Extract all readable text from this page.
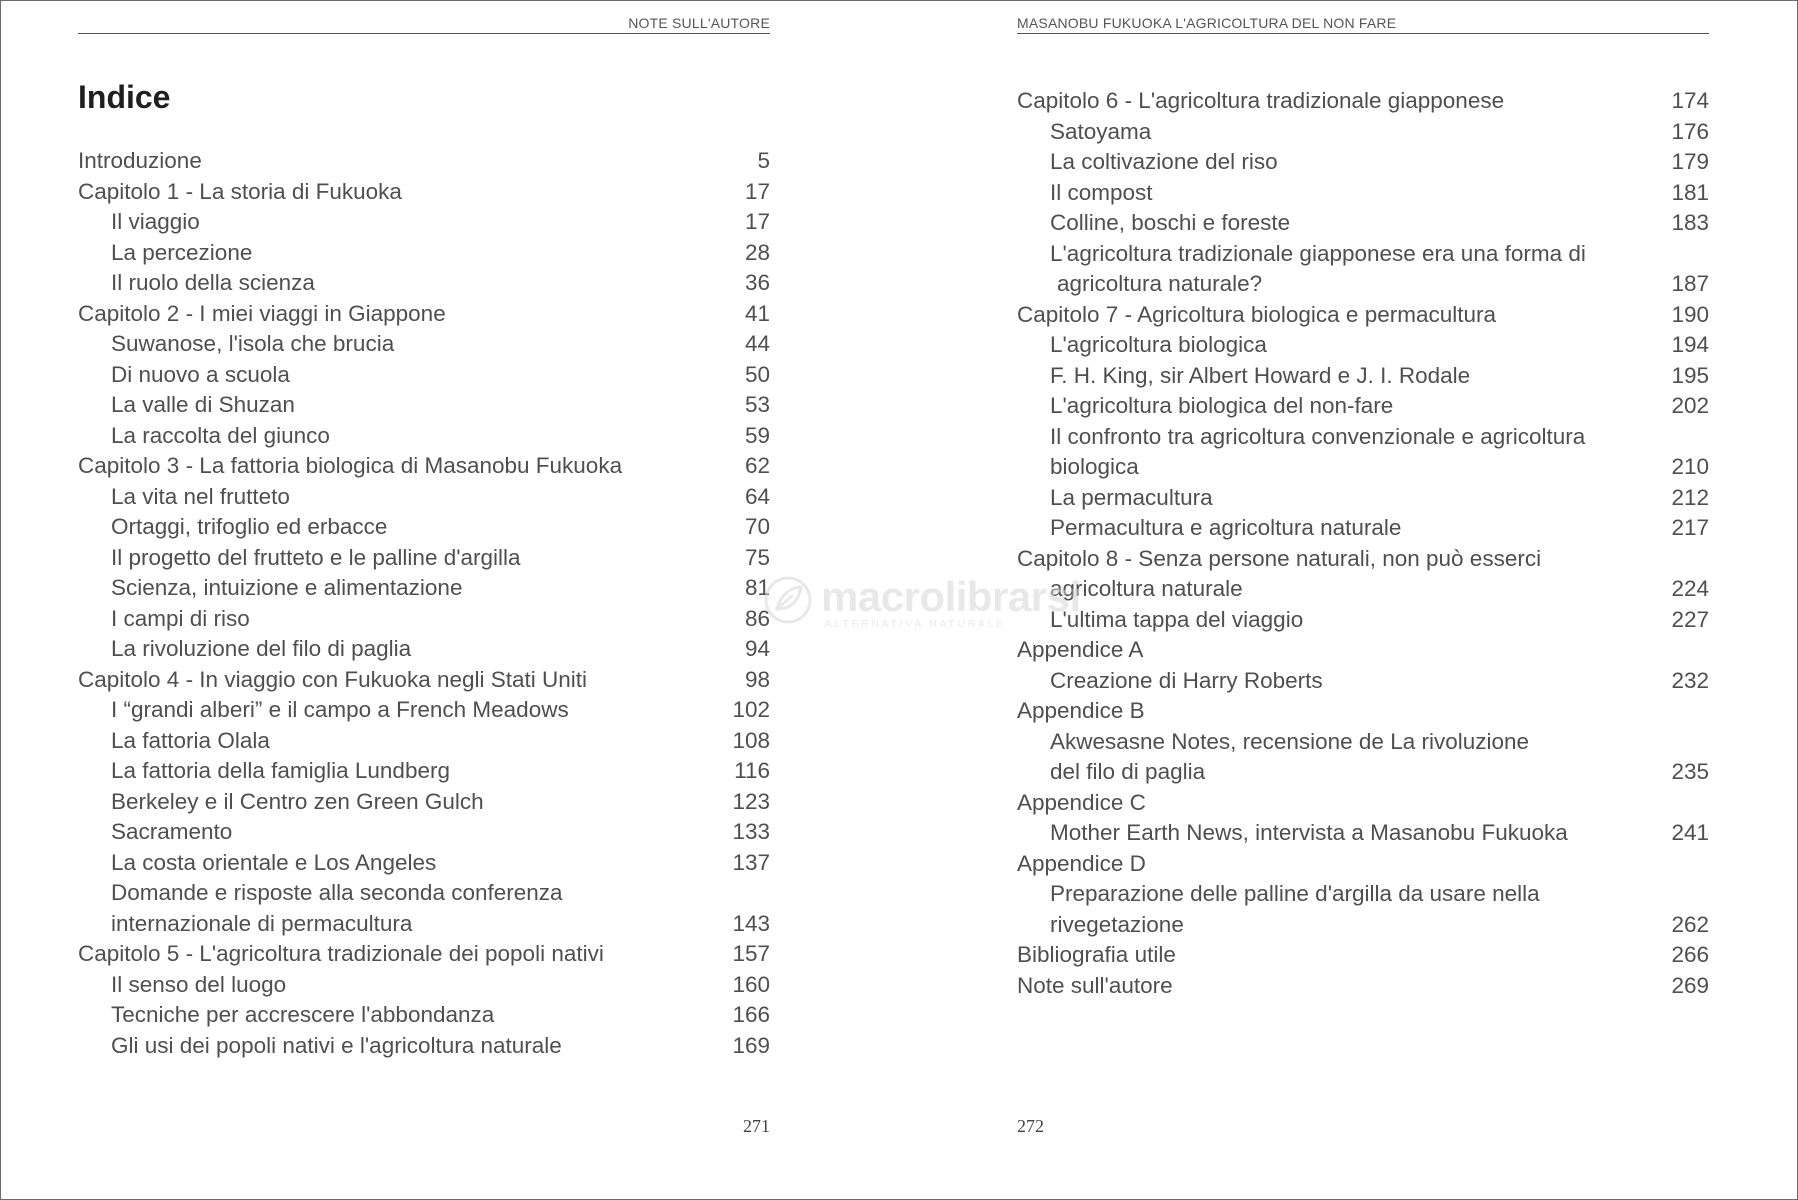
NOTE SULL'AUTORE
Indice
Introduzione	5
Capitolo 1 - La storia di Fukuoka	17
Il viaggio	17
La percezione	28
Il ruolo della scienza	36
Capitolo 2 - I miei viaggi in Giappone	41
Suwanose, l'isola che brucia	44
Di nuovo a scuola	50
La valle di Shuzan	53
La raccolta del giunco	59
Capitolo 3 - La fattoria biologica di Masanobu Fukuoka	62
La vita nel frutteto	64
Ortaggi, trifoglio ed erbacce	70
Il progetto del frutteto e le palline d'argilla	75
Scienza, intuizione e alimentazione	81
I campi di riso	86
La rivoluzione del filo di paglia	94
Capitolo 4 - In viaggio con Fukuoka negli Stati Uniti	98
I “grandi alberi” e il campo a French Meadows	102
La fattoria Olala	108
La fattoria della famiglia Lundberg	116
Berkeley e il Centro zen Green Gulch	123
Sacramento	133
La costa orientale e Los Angeles	137
Domande e risposte alla seconda conferenza
internazionale di permacultura	143
Capitolo 5 - L'agricoltura tradizionale dei popoli nativi	157
Il senso del luogo	160
Tecniche per accrescere l'abbondanza	166
Gli usi dei popoli nativi e l'agricoltura naturale	169
271
MASANOBU FUKUOKA L'AGRICOLTURA DEL NON FARE
Capitolo 6 - L'agricoltura tradizionale giapponese	174
Satoyama	176
La coltivazione del riso	179
Il compost	181
Colline, boschi e foreste	183
L'agricoltura tradizionale giapponese era una forma di
agricoltura naturale?	187
Capitolo 7 - Agricoltura biologica e permacultura	190
L'agricoltura biologica	194
F. H. King, sir Albert Howard e J. I. Rodale	195
L'agricoltura biologica del non-fare	202
Il confronto tra agricoltura convenzionale e agricoltura
biologica	210
La permacultura	212
Permacultura e agricoltura naturale	217
Capitolo 8 - Senza persone naturali, non può esserci
agricoltura naturale	224
L'ultima tappa del viaggio	227
Appendice A
Creazione di Harry Roberts	232
Appendice B
Akwesasne Notes, recensione de La rivoluzione
del filo di paglia	235
Appendice C
Mother Earth News, intervista a Masanobu Fukuoka	241
Appendice D
Preparazione delle palline d'argilla da usare nella
rivegetazione	262
Bibliografia utile	266
Note sull'autore	269
272
macrolibrarsi
ALTERNATIVA NATURALE
